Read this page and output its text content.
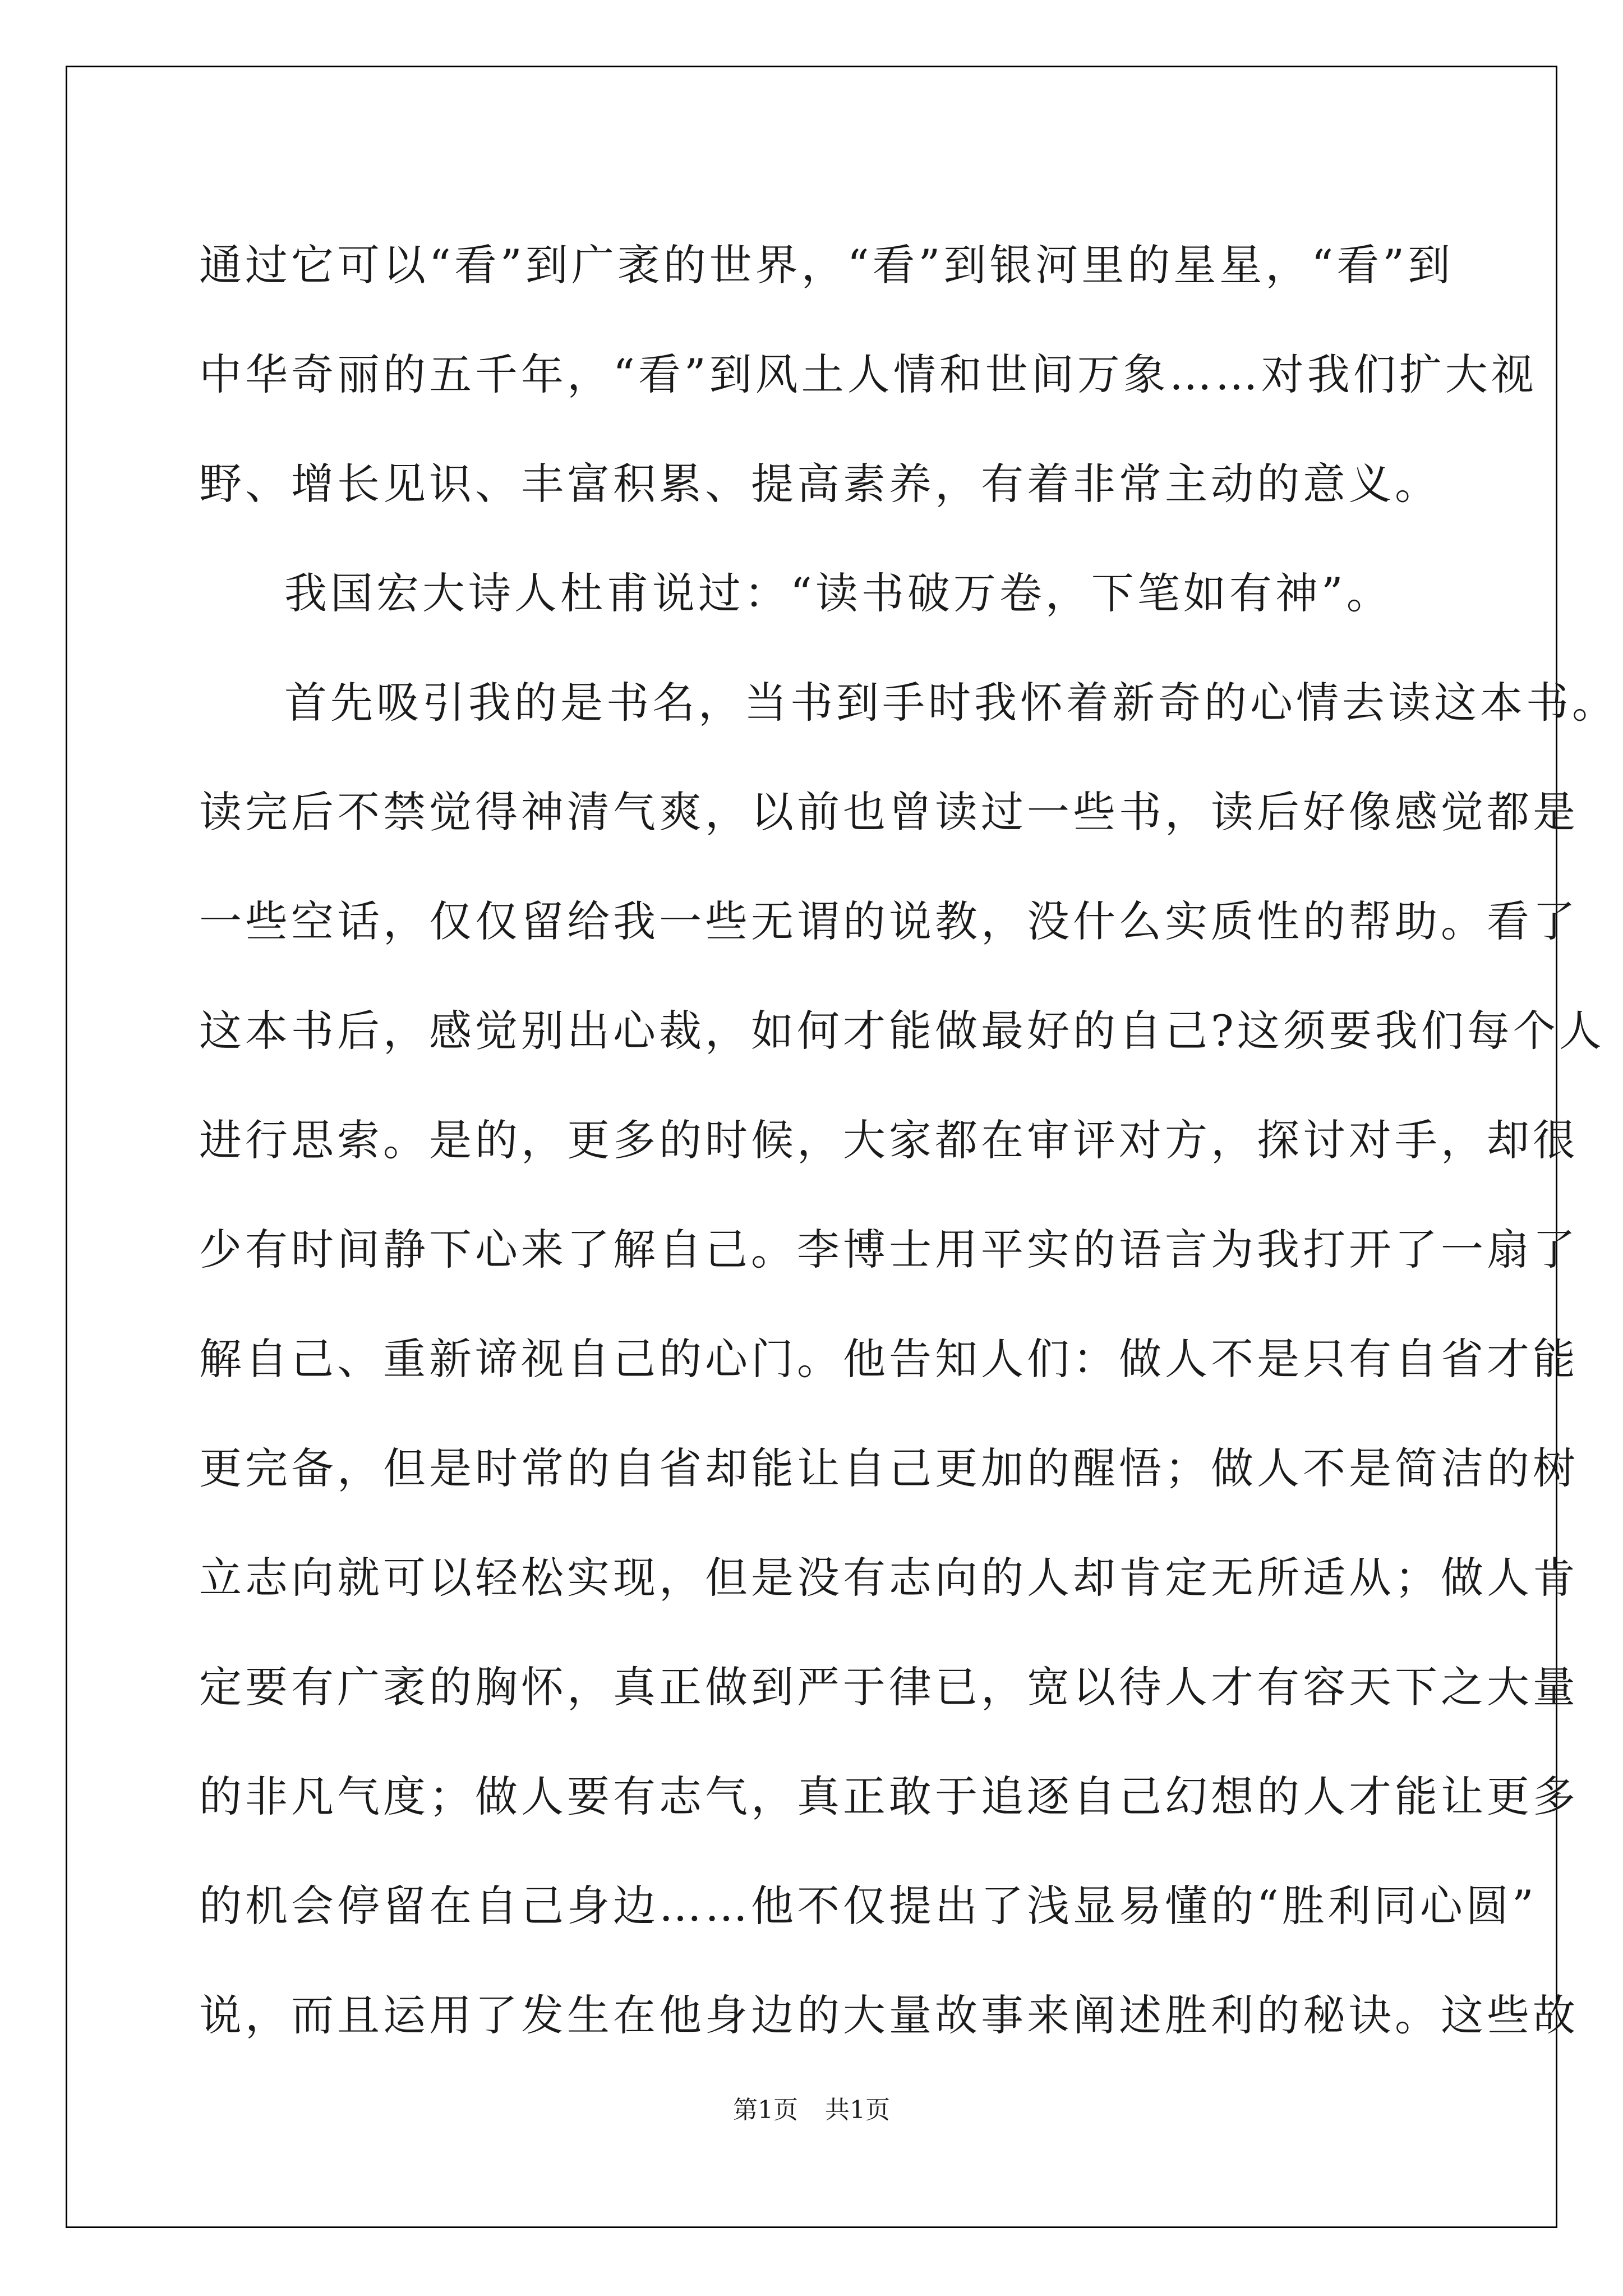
通过它可以“看”到广袤的世界，“看”到银河里的星星，“看”到
中华奇丽的五千年，“看”到风土人情和世间万象……对我们扩大视
野、增长见识、丰富积累、提高素养，有着非常主动的意义。
我国宏大诗人杜甫说过：“读书破万卷，下笔如有神”。
首先吸引我的是书名，当书到手时我怀着新奇的心情去读这本书。
读完后不禁觉得神清气爽，以前也曾读过一些书，读后好像感觉都是
一些空话，仅仅留给我一些无谓的说教，没什么实质性的帮助。看了
这本书后，感觉别出心裁，如何才能做最好的自己?这须要我们每个人
进行思索。是的，更多的时候，大家都在审评对方，探讨对手，却很
少有时间静下心来了解自己。李博士用平实的语言为我打开了一扇了
解自己、重新谛视自己的心门。他告知人们：做人不是只有自省才能
更完备，但是时常的自省却能让自己更加的醒悟；做人不是简洁的树
立志向就可以轻松实现，但是没有志向的人却肯定无所适从；做人肯
定要有广袤的胸怀，真正做到严于律已，宽以待人才有容天下之大量
的非凡气度；做人要有志气，真正敢于追逐自己幻想的人才能让更多
的机会停留在自己身边……他不仅提出了浅显易懂的“胜利同心圆”
说，而且运用了发生在他身边的大量故事来阐述胜利的秘诀。这些故
第1页 共1页
